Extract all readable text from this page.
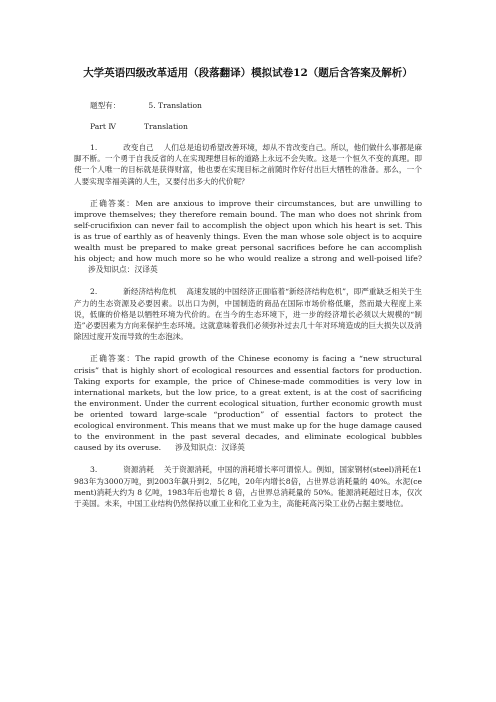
大学英语四级改革适用（段落翻译）模拟试卷12（题后含答案及解析）

题型有：	5. Translation

Part Ⅳ	Translation

1.	改变自己 人们总是追切希望改善环境，却从不肯改变自己。所以，他们做什么事都是麻脚不断。一个勇于自我反省的人在实现理想目标的道路上永远不会失败。这是一个恒久不变的真理。即使一个人唯一的目标就是获得财富，他也要在实现目标之前随时作好付出巨大牺牲的准备。那么，一个人要实现幸福美满的人生，又要付出多大的代价呢？

正确答案：Men are anxious to improve their circumstances, but are unwilling to improve themselves; they therefore remain bound. The man who does not shrink from self-crucifixion can never fail to accomplish the object upon which his heart is set. This is as true of earthly as of heavenly things. Even the man whose sole object is to acquire wealth must be prepared to make great personal sacrifices before he can accomplish his object; and how much more so he who would realize a strong and well-poised life?涉及知识点：汉译英

2.	新经济结构危机 高速发展的中国经济正面临着“新经济结构危机”，即严重缺乏相关于生产力的生态资源及必要因素。以出口为例，中国制造的商品在国际市场价格低廉，然而最大程度上来说，低廉的价格是以牺牲环境为代价的。在当今的生态环境下，进一步的经济增长必须以大规模的“制造”必要因素为方向来保护生态环境。这就意味着我们必须弥补过去几十年对环境造成的巨大损失以及消除因过度开发而导致的生态泡沫。

正确答案：The rapid growth of the Chinese economy is facing a “new structural crisis” that is highly short of ecological resources and essential factors for production. Taking exports for example, the price of Chinese-made commodities is very low in international markets, but the low price, to a great extent, is at the cost of sacrificing the environment. Under the current ecological situation, further economic growth must be oriented toward large-scale “production” of essential factors to protect the ecological environment. This means that we must make up for the huge damage caused to the environment in the past several decades, and eliminate ecological bubbles caused by its overuse. 涉及知识点：汉译英

3.	资源消耗 关于资源消耗，中国的消耗增长率可谓惊人。例如，国家钢材(steel)消耗在1983年为3000万吨，到2003年飙升到2．5亿吨，20年内增长8倍，占世界总消耗量的 40%。水泥(cement)消耗大约为 8 亿吨，1983年后也增长 8 倍，占世界总消耗量的 50%。能源消耗超过日本，仅次于美国。未来，中国工业结构仍然保持以重工业和化工业为主，高能耗高污染工业仍占据主要地位。
